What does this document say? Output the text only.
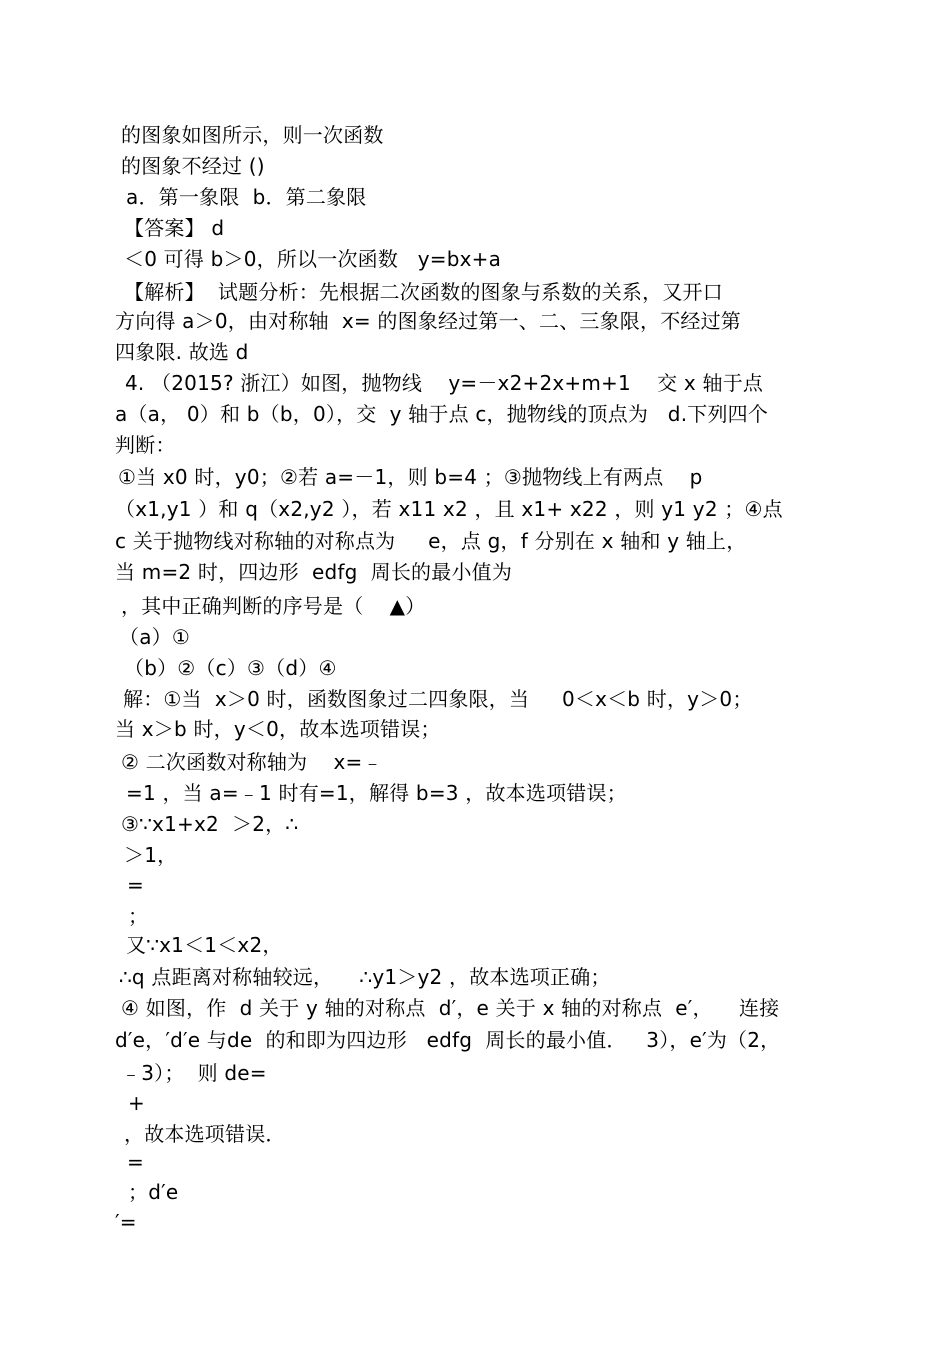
的图象如图所示，则一次函数
的图象不经过 ()
a．第一象限  b．第二象限
【答案】 d
＜0 可得 b＞0，所以一次函数   y=bx+a
【解析】  试题分析：先根据二次函数的图象与系数的关系，又开口
方向得 a＞0，由对称轴  x= 的图象经过第一、二、三象限，不经过第
四象限. 故选 d
4. （2015? 浙江）如图，抛物线    y=－x2+2x+m+1    交 x 轴于点
a（a， 0）和 b（b，0），交  y 轴于点 c，抛物线的顶点为   d.下列四个
判断：
①当 x0 时，y0；②若 a=－1，则 b=4 ；③抛物线上有两点    p
（x1,y1 ）和 q（x2,y2 ），若 x11 x2 ，且 x1+ x22 ，则 y1 y2 ；④点
c 关于抛物线对称轴的对称点为     e，点 g，f 分别在 x 轴和 y 轴上，
当 m=2 时，四边形  edfg  周长的最小值为
，其中正确判断的序号是（    ▲）
（a）①
（b）②（c）③（d）④
解：①当  x＞0 时，函数图象过二四象限，当     0＜x＜b 时，y＞0；
当 x＞b 时，y＜0，故本选项错误；
② 二次函数对称轴为    x=﹣
=1 ，当 a=﹣1 时有=1，解得 b=3 ，故本选项错误；
③∵x1+x2  ＞2，∴
＞1，
=
；
又∵x1＜1＜x2，
∴q 点距离对称轴较远，    ∴y1＞y2 ，故本选项正确；
④ 如图，作  d 关于 y 轴的对称点  d′，e 关于 x 轴的对称点  e′，    连接
d′e，′d′e 与de  的和即为四边形   edfg  周长的最小值．   3），e′为（2，
﹣3）；  则 de=
+
，故本选项错误．
=
；d′e
′=
